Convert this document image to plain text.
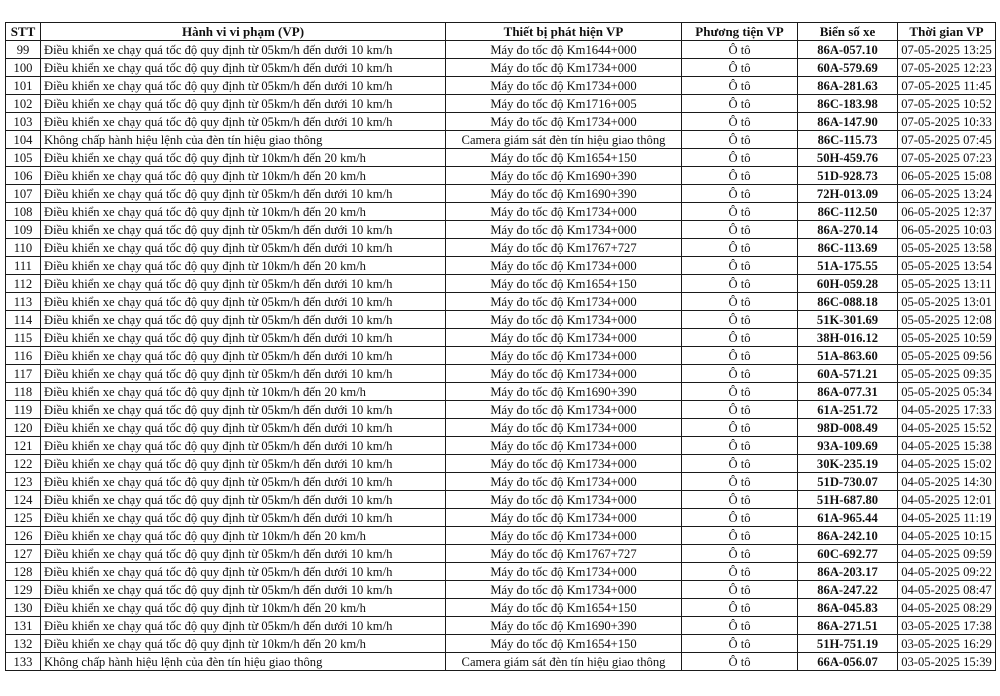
STT	Hành vi vi phạm (VP)	Thiết bị phát hiện VP	Phương tiện VP	Biển số xe	Thời gian VP
99	Điều khiển xe chạy quá tốc độ quy định từ 05km/h đến dưới 10 km/h	Máy đo tốc độ Km1644+000	Ô tô	86A-057.10	07-05-2025 13:25
100	Điều khiển xe chạy quá tốc độ quy định từ 05km/h đến dưới 10 km/h	Máy đo tốc độ Km1734+000	Ô tô	60A-579.69	07-05-2025 12:23
101	Điều khiển xe chạy quá tốc độ quy định từ 05km/h đến dưới 10 km/h	Máy đo tốc độ Km1734+000	Ô tô	86A-281.63	07-05-2025 11:45
102	Điều khiển xe chạy quá tốc độ quy định từ 05km/h đến dưới 10 km/h	Máy đo tốc độ Km1716+005	Ô tô	86C-183.98	07-05-2025 10:52
103	Điều khiển xe chạy quá tốc độ quy định từ 05km/h đến dưới 10 km/h	Máy đo tốc độ Km1734+000	Ô tô	86A-147.90	07-05-2025 10:33
104	Không chấp hành hiệu lệnh của đèn tín hiệu giao thông	Camera giám sát đèn tín hiệu giao thông	Ô tô	86C-115.73	07-05-2025 07:45
105	Điều khiển xe chạy quá tốc độ quy định từ 10km/h đến 20 km/h	Máy đo tốc độ Km1654+150	Ô tô	50H-459.76	07-05-2025 07:23
106	Điều khiển xe chạy quá tốc độ quy định từ 10km/h đến 20 km/h	Máy đo tốc độ Km1690+390	Ô tô	51D-928.73	06-05-2025 15:08
107	Điều khiển xe chạy quá tốc độ quy định từ 05km/h đến dưới 10 km/h	Máy đo tốc độ Km1690+390	Ô tô	72H-013.09	06-05-2025 13:24
108	Điều khiển xe chạy quá tốc độ quy định từ 10km/h đến 20 km/h	Máy đo tốc độ Km1734+000	Ô tô	86C-112.50	06-05-2025 12:37
109	Điều khiển xe chạy quá tốc độ quy định từ 05km/h đến dưới 10 km/h	Máy đo tốc độ Km1734+000	Ô tô	86A-270.14	06-05-2025 10:03
110	Điều khiển xe chạy quá tốc độ quy định từ 05km/h đến dưới 10 km/h	Máy đo tốc độ Km1767+727	Ô tô	86C-113.69	05-05-2025 13:58
111	Điều khiển xe chạy quá tốc độ quy định từ 10km/h đến 20 km/h	Máy đo tốc độ Km1734+000	Ô tô	51A-175.55	05-05-2025 13:54
112	Điều khiển xe chạy quá tốc độ quy định từ 05km/h đến dưới 10 km/h	Máy đo tốc độ Km1654+150	Ô tô	60H-059.28	05-05-2025 13:11
113	Điều khiển xe chạy quá tốc độ quy định từ 05km/h đến dưới 10 km/h	Máy đo tốc độ Km1734+000	Ô tô	86C-088.18	05-05-2025 13:01
114	Điều khiển xe chạy quá tốc độ quy định từ 05km/h đến dưới 10 km/h	Máy đo tốc độ Km1734+000	Ô tô	51K-301.69	05-05-2025 12:08
115	Điều khiển xe chạy quá tốc độ quy định từ 05km/h đến dưới 10 km/h	Máy đo tốc độ Km1734+000	Ô tô	38H-016.12	05-05-2025 10:59
116	Điều khiển xe chạy quá tốc độ quy định từ 05km/h đến dưới 10 km/h	Máy đo tốc độ Km1734+000	Ô tô	51A-863.60	05-05-2025 09:56
117	Điều khiển xe chạy quá tốc độ quy định từ 05km/h đến dưới 10 km/h	Máy đo tốc độ Km1734+000	Ô tô	60A-571.21	05-05-2025 09:35
118	Điều khiển xe chạy quá tốc độ quy định từ 10km/h đến 20 km/h	Máy đo tốc độ Km1690+390	Ô tô	86A-077.31	05-05-2025 05:34
119	Điều khiển xe chạy quá tốc độ quy định từ 05km/h đến dưới 10 km/h	Máy đo tốc độ Km1734+000	Ô tô	61A-251.72	04-05-2025 17:33
120	Điều khiển xe chạy quá tốc độ quy định từ 05km/h đến dưới 10 km/h	Máy đo tốc độ Km1734+000	Ô tô	98D-008.49	04-05-2025 15:52
121	Điều khiển xe chạy quá tốc độ quy định từ 05km/h đến dưới 10 km/h	Máy đo tốc độ Km1734+000	Ô tô	93A-109.69	04-05-2025 15:38
122	Điều khiển xe chạy quá tốc độ quy định từ 05km/h đến dưới 10 km/h	Máy đo tốc độ Km1734+000	Ô tô	30K-235.19	04-05-2025 15:02
123	Điều khiển xe chạy quá tốc độ quy định từ 05km/h đến dưới 10 km/h	Máy đo tốc độ Km1734+000	Ô tô	51D-730.07	04-05-2025 14:30
124	Điều khiển xe chạy quá tốc độ quy định từ 05km/h đến dưới 10 km/h	Máy đo tốc độ Km1734+000	Ô tô	51H-687.80	04-05-2025 12:01
125	Điều khiển xe chạy quá tốc độ quy định từ 05km/h đến dưới 10 km/h	Máy đo tốc độ Km1734+000	Ô tô	61A-965.44	04-05-2025 11:19
126	Điều khiển xe chạy quá tốc độ quy định từ 10km/h đến 20 km/h	Máy đo tốc độ Km1734+000	Ô tô	86A-242.10	04-05-2025 10:15
127	Điều khiển xe chạy quá tốc độ quy định từ 05km/h đến dưới 10 km/h	Máy đo tốc độ Km1767+727	Ô tô	60C-692.77	04-05-2025 09:59
128	Điều khiển xe chạy quá tốc độ quy định từ 05km/h đến dưới 10 km/h	Máy đo tốc độ Km1734+000	Ô tô	86A-203.17	04-05-2025 09:22
129	Điều khiển xe chạy quá tốc độ quy định từ 05km/h đến dưới 10 km/h	Máy đo tốc độ Km1734+000	Ô tô	86A-247.22	04-05-2025 08:47
130	Điều khiển xe chạy quá tốc độ quy định từ 10km/h đến 20 km/h	Máy đo tốc độ Km1654+150	Ô tô	86A-045.83	04-05-2025 08:29
131	Điều khiển xe chạy quá tốc độ quy định từ 05km/h đến dưới 10 km/h	Máy đo tốc độ Km1690+390	Ô tô	86A-271.51	03-05-2025 17:38
132	Điều khiển xe chạy quá tốc độ quy định từ 10km/h đến 20 km/h	Máy đo tốc độ Km1654+150	Ô tô	51H-751.19	03-05-2025 16:29
133	Không chấp hành hiệu lệnh của đèn tín hiệu giao thông	Camera giám sát đèn tín hiệu giao thông	Ô tô	66A-056.07	03-05-2025 15:39
